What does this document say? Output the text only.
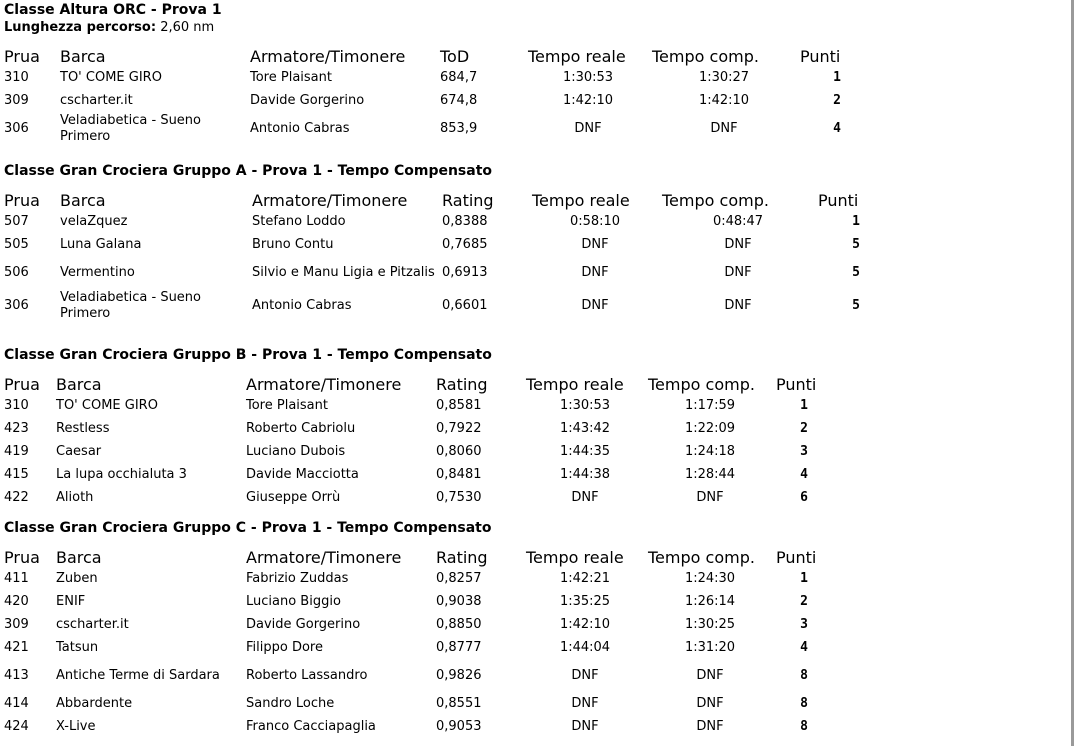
Classe Altura ORC - Prova 1
Lunghezza percorso: 2,60 nm
Prua	Barca	Armatore/Timonere	ToD	Tempo reale	Tempo comp.	Punti
310	TO' COME GIRO	Tore Plaisant	684,7	1:30:53	1:30:27	1
309	cscharter.it	Davide Gorgerino	674,8	1:42:10	1:42:10	2
306	Veladiabetica - Sueno Primero	Antonio Cabras	853,9	DNF	DNF	4
Classe Gran Crociera Gruppo A - Prova 1 - Tempo Compensato
Prua	Barca	Armatore/Timonere	Rating	Tempo reale	Tempo comp.	Punti
507	velaZquez	Stefano Loddo	0,8388	0:58:10	0:48:47	1
505	Luna Galana	Bruno Contu	0,7685	DNF	DNF	5
506	Vermentino	Silvio e Manu Ligia e Pitzalis	0,6913	DNF	DNF	5
306	Veladiabetica - Sueno Primero	Antonio Cabras	0,6601	DNF	DNF	5
Classe Gran Crociera Gruppo B - Prova 1 - Tempo Compensato
Prua	Barca	Armatore/Timonere	Rating	Tempo reale	Tempo comp.	Punti
310	TO' COME GIRO	Tore Plaisant	0,8581	1:30:53	1:17:59	1
423	Restless	Roberto Cabriolu	0,7922	1:43:42	1:22:09	2
419	Caesar	Luciano Dubois	0,8060	1:44:35	1:24:18	3
415	La lupa occhialuta 3	Davide Macciotta	0,8481	1:44:38	1:28:44	4
422	Alioth	Giuseppe Orrù	0,7530	DNF	DNF	6
Classe Gran Crociera Gruppo C - Prova 1 - Tempo Compensato
Prua	Barca	Armatore/Timonere	Rating	Tempo reale	Tempo comp.	Punti
411	Zuben	Fabrizio Zuddas	0,8257	1:42:21	1:24:30	1
420	ENIF	Luciano Biggio	0,9038	1:35:25	1:26:14	2
309	cscharter.it	Davide Gorgerino	0,8850	1:42:10	1:30:25	3
421	Tatsun	Filippo Dore	0,8777	1:44:04	1:31:20	4
413	Antiche Terme di Sardara	Roberto Lassandro	0,9826	DNF	DNF	8
414	Abbardente	Sandro Loche	0,8551	DNF	DNF	8
424	X-Live	Franco Cacciapaglia	0,9053	DNF	DNF	8
